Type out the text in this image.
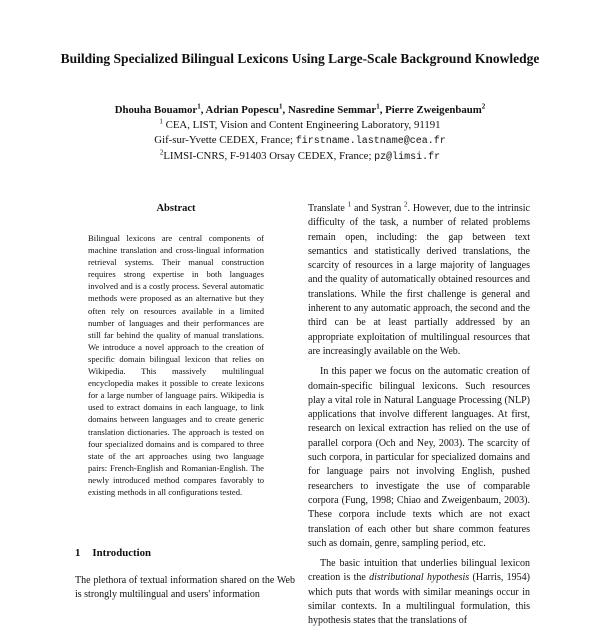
Building Specialized Bilingual Lexicons Using Large-Scale Background Knowledge
Dhouha Bouamor$^1$, Adrian Popescu$^1$, Nasredine Semmar$^1$, Pierre Zweigenbaum$^2$
$^1$ CEA, LIST, Vision and Content Engineering Laboratory, 91191
Gif-sur-Yvette CEDEX, France; firstname.lastname@cea.fr
$^2$LIMSI-CNRS, F-91403 Orsay CEDEX, France; pz@limsi.fr
Abstract

Bilingual lexicons are central components of machine translation and cross-lingual information retrieval systems. Their manual construction requires strong expertise in both languages involved and is a costly process. Several automatic methods were proposed as an alternative but they often rely on resources available in a limited number of languages and their performances are still far behind the quality of manual translations. We introduce a novel approach to the creation of specific domain bilingual lexicon that relies on Wikipedia. This massively multilingual encyclopedia makes it possible to create lexicons for a large number of language pairs. Wikipedia is used to extract domains in each language, to link domains between languages and to create generic translation dictionaries. The approach is tested on four specialized domains and is compared to three state of the art approaches using two language pairs: French-English and Romanian-English. The newly introduced method compares favorably to existing methods in all configurations tested.

1 Introduction

The plethora of textual information shared on the Web is strongly multilingual and users' information

Translate $^1$ and Systran $^2$. However, due to the intrinsic difficulty of the task, a number of related problems remain open, including: the gap between text semantics and statistically derived translations, the scarcity of resources in a large majority of languages and the quality of automatically obtained resources and translations. While the first challenge is general and inherent to any automatic approach, the second and the third can be at least partially addressed by an appropriate exploitation of multilingual resources that are increasingly available on the Web.

In this paper we focus on the automatic creation of domain-specific bilingual lexicons. Such resources play a vital role in Natural Language Processing (NLP) applications that involve different languages. At first, research on lexical extraction has relied on the use of parallel corpora (Och and Ney, 2003). The scarcity of such corpora, in particular for specialized domains and for language pairs not involving English, pushed researchers to investigate the use of comparable corpora (Fung, 1998; Chiao and Zweigenbaum, 2003). These corpora include texts which are not exact translation of each other but share common features such as domain, genre, sampling period, etc.

The basic intuition that underlies bilingual lexicon creation is the distributional hypothesis (Harris, 1954) which puts that words with similar meanings occur in similar contexts. In a multilingual formulation, this hypothesis states that the translations of
